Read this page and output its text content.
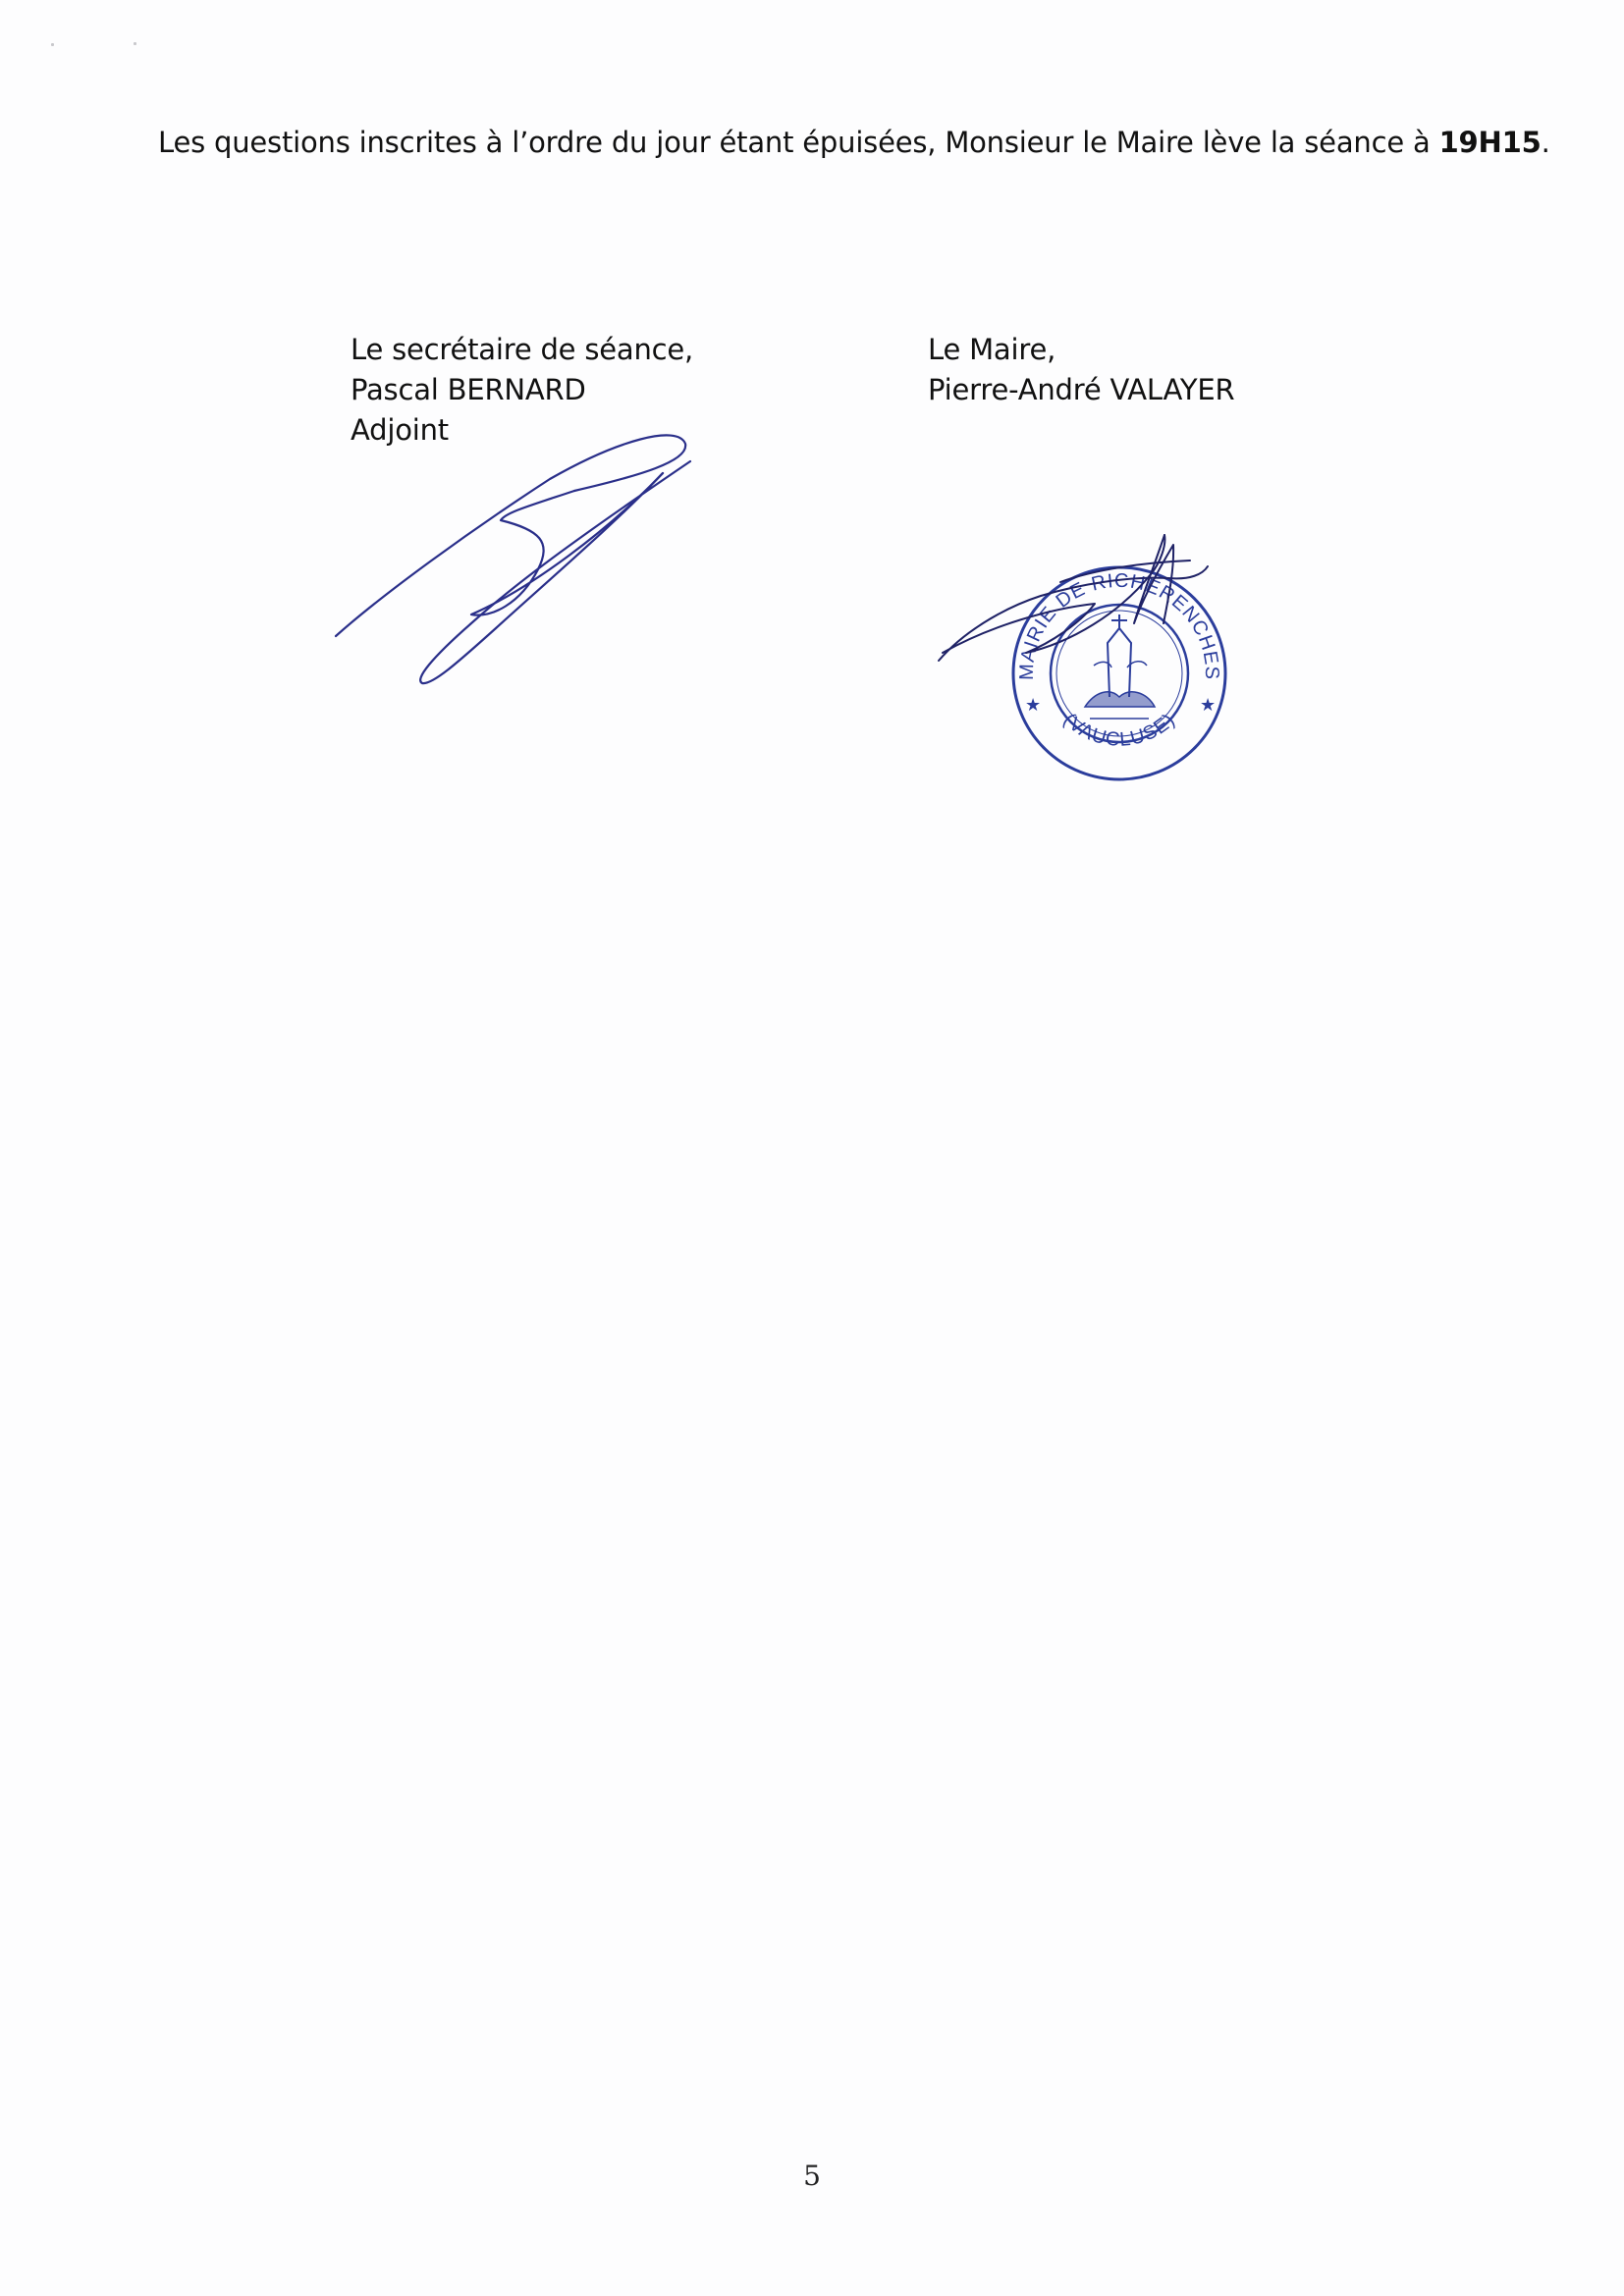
Les questions inscrites à l’ordre du jour étant épuisées, Monsieur le Maire lève la séance à 19H15.

Le secrétaire de séance,
Pascal BERNARD
Adjoint
Le Maire,
Pierre-André VALAYER
MAIRIE DE RICHERENCHES
(VAUCLUSE)
★	★

5
